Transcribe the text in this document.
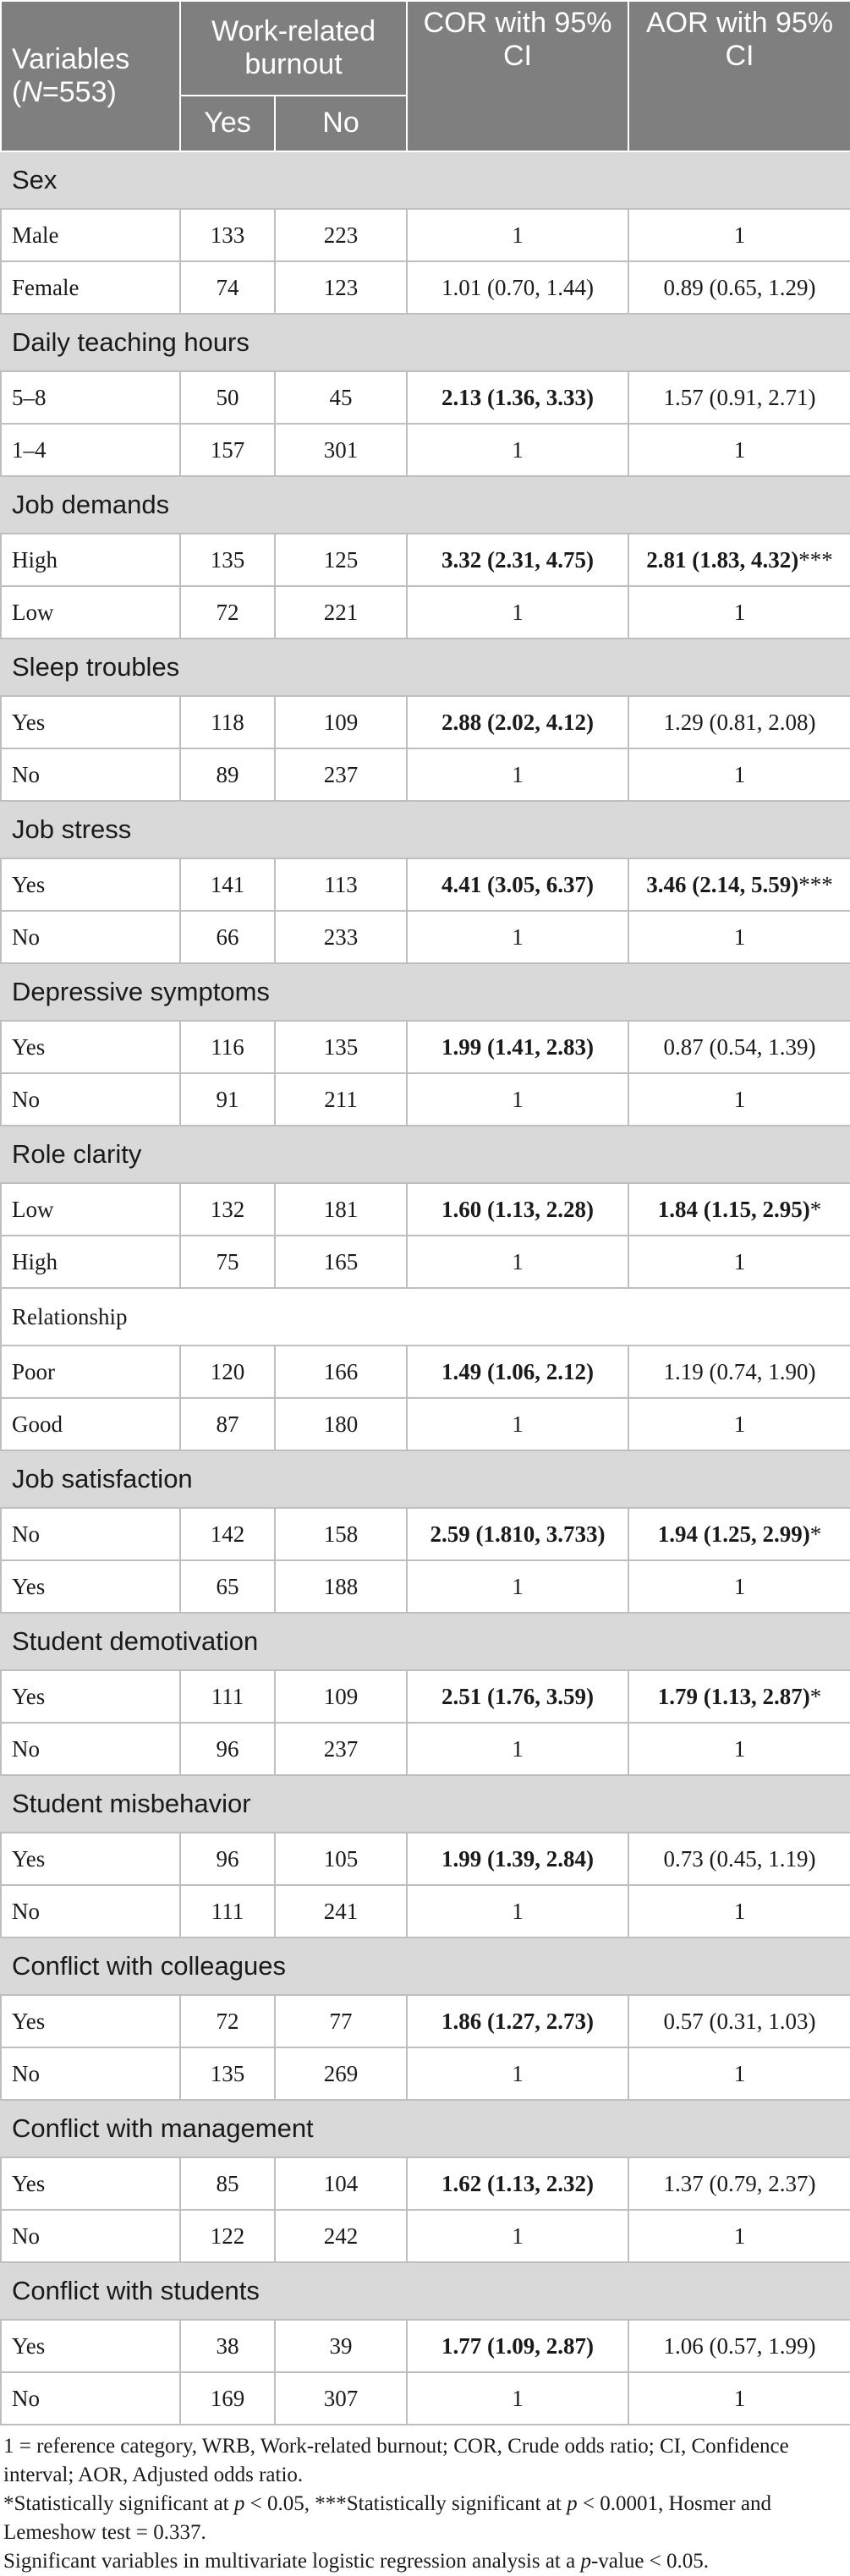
Variables
(N=553)	Work-related burnout		COR with 95% CI	AOR with 95% CI
	Yes	No		
Sex				
Male	133	223	1	1
Female	74	123	1.01 (0.70, 1.44)	0.89 (0.65, 1.29)
Daily teaching hours				
5–8	50	45	2.13 (1.36, 3.33)	1.57 (0.91, 2.71)
1–4	157	301	1	1
Job demands				
High	135	125	3.32 (2.31, 4.75)	2.81 (1.83, 4.32)***
Low	72	221	1	1
Sleep troubles				
Yes	118	109	2.88 (2.02, 4.12)	1.29 (0.81, 2.08)
No	89	237	1	1
Job stress				
Yes	141	113	4.41 (3.05, 6.37)	3.46 (2.14, 5.59)***
No	66	233	1	1
Depressive symptoms				
Yes	116	135	1.99 (1.41, 2.83)	0.87 (0.54, 1.39)
No	91	211	1	1
Role clarity				
Low	132	181	1.60 (1.13, 2.28)	1.84 (1.15, 2.95)*
High	75	165	1	1
Relationship				
Poor	120	166	1.49 (1.06, 2.12)	1.19 (0.74, 1.90)
Good	87	180	1	1
Job satisfaction				
No	142	158	2.59 (1.810, 3.733)	1.94 (1.25, 2.99)*
Yes	65	188	1	1
Student demotivation				
Yes	111	109	2.51 (1.76, 3.59)	1.79 (1.13, 2.87)*
No	96	237	1	1
Student misbehavior				
Yes	96	105	1.99 (1.39, 2.84)	0.73 (0.45, 1.19)
No	111	241	1	1
Conflict with colleagues				
Yes	72	77	1.86 (1.27, 2.73)	0.57 (0.31, 1.03)
No	135	269	1	1
Conflict with management				
Yes	85	104	1.62 (1.13, 2.32)	1.37 (0.79, 2.37)
No	122	242	1	1
Conflict with students				
Yes	38	39	1.77 (1.09, 2.87)	1.06 (0.57, 1.99)
No	169	307	1	1

1 = reference category, WRB, Work-related burnout; COR, Crude odds ratio; CI, Confidence interval; AOR, Adjusted odds ratio.

*Statistically significant at p < 0.05, ***Statistically significant at p < 0.0001, Hosmer and Lemeshow test = 0.337.

Significant variables in multivariate logistic regression analysis at a p-value < 0.05.
